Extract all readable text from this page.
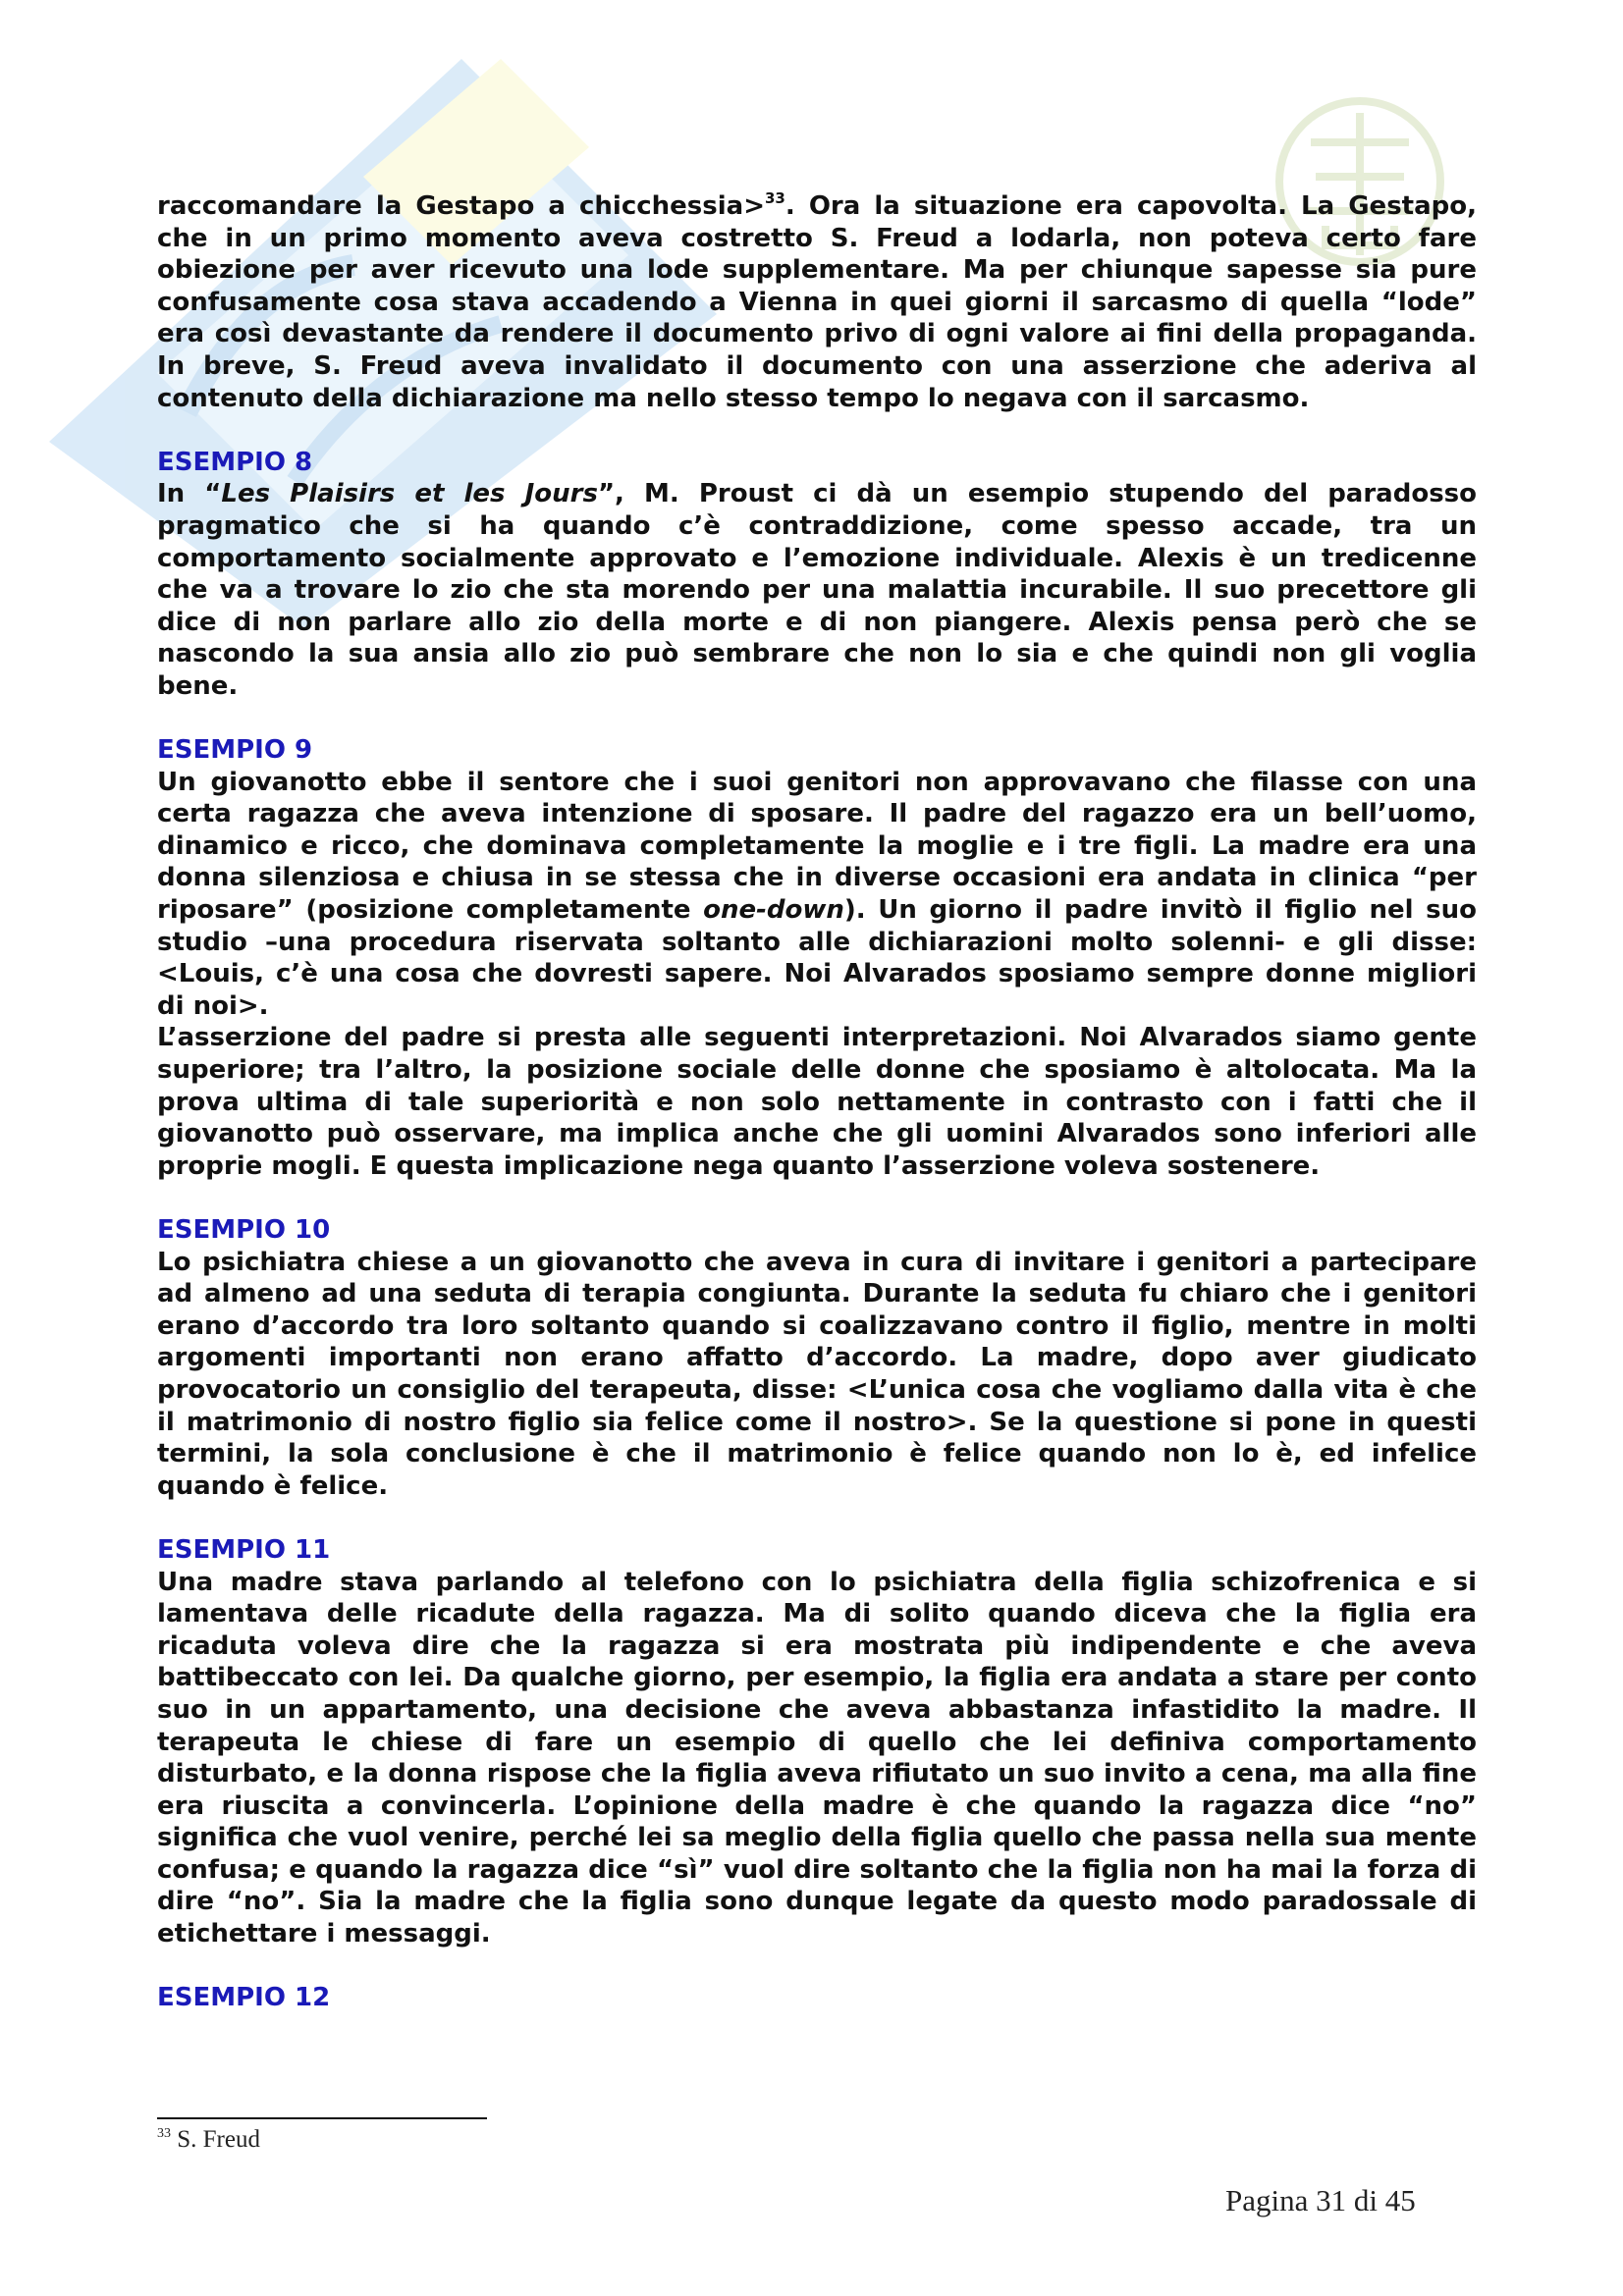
raccomandare la Gestapo a chicchessia>$^{33}$. Ora la situazione era capovolta. La Gestapo, che in un primo momento aveva costretto S. Freud a lodarla, non poteva certo fare obiezione per aver ricevuto una lode supplementare. Ma per chiunque sapesse sia pure confusamente cosa stava accadendo a Vienna in quei giorni il sarcasmo di quella “lode” era così devastante da rendere il documento privo di ogni valore ai fini della propaganda. In breve, S. Freud aveva invalidato il documento con una asserzione che aderiva al contenuto della dichiarazione ma nello stesso tempo lo negava con il sarcasmo.

ESEMPIO 8

In “Les Plaisirs et les Jours”, M. Proust ci dà un esempio stupendo del paradosso pragmatico che si ha quando c’è contraddizione, come spesso accade, tra un comportamento socialmente approvato e l’emozione individuale. Alexis è un tredicenne che va a trovare lo zio che sta morendo per una malattia incurabile. Il suo precettore gli dice di non parlare allo zio della morte e di non piangere. Alexis pensa però che se nascondo la sua ansia allo zio può sembrare che non lo sia e che quindi non gli voglia bene.

ESEMPIO 9

Un giovanotto ebbe il sentore che i suoi genitori non approvavano che filasse con una certa ragazza che aveva intenzione di sposare. Il padre del ragazzo era un bell’uomo, dinamico e ricco, che dominava completamente la moglie e i tre figli. La madre era una donna silenziosa e chiusa in se stessa che in diverse occasioni era andata in clinica “per riposare” (posizione completamente one-down). Un giorno il padre invitò il figlio nel suo studio –una procedura riservata soltanto alle dichiarazioni molto solenni- e gli disse: <Louis, c’è una cosa che dovresti sapere. Noi Alvarados sposiamo sempre donne migliori di noi>.

L’asserzione del padre si presta alle seguenti interpretazioni. Noi Alvarados siamo gente superiore; tra l’altro, la posizione sociale delle donne che sposiamo è altolocata. Ma la prova ultima di tale superiorità e non solo nettamente in contrasto con i fatti che il giovanotto può osservare, ma implica anche che gli uomini Alvarados sono inferiori alle proprie mogli. E questa implicazione nega quanto l’asserzione voleva sostenere.

ESEMPIO 10

Lo psichiatra chiese a un giovanotto che aveva in cura di invitare i genitori a partecipare ad almeno ad una seduta di terapia congiunta. Durante la seduta fu chiaro che i genitori erano d’accordo tra loro soltanto quando si coalizzavano contro il figlio, mentre in molti argomenti importanti non erano affatto d’accordo. La madre, dopo aver giudicato provocatorio un consiglio del terapeuta, disse: <L’unica cosa che vogliamo dalla vita è che il matrimonio di nostro figlio sia felice come il nostro>. Se la questione si pone in questi termini, la sola conclusione è che il matrimonio è felice quando non lo è, ed infelice quando è felice.

ESEMPIO 11

Una madre stava parlando al telefono con lo psichiatra della figlia schizofrenica e si lamentava delle ricadute della ragazza. Ma di solito quando diceva che la figlia era ricaduta voleva dire che la ragazza si era mostrata più indipendente e che aveva battibeccato con lei. Da qualche giorno, per esempio, la figlia era andata a stare per conto suo in un appartamento, una decisione che aveva abbastanza infastidito la madre. Il terapeuta le chiese di fare un esempio di quello che lei definiva comportamento disturbato, e la donna rispose che la figlia aveva rifiutato un suo invito a cena, ma alla fine era riuscita a convincerla. L’opinione della madre è che quando la ragazza dice “no” significa che vuol venire, perché lei sa meglio della figlia quello che passa nella sua mente confusa; e quando la ragazza dice “sì” vuol dire soltanto che la figlia non ha mai la forza di dire “no”. Sia la madre che la figlia sono dunque legate da questo modo paradossale di etichettare i messaggi.

ESEMPIO 12

$^{33}$ S. Freud
Pagina 31 di 45
